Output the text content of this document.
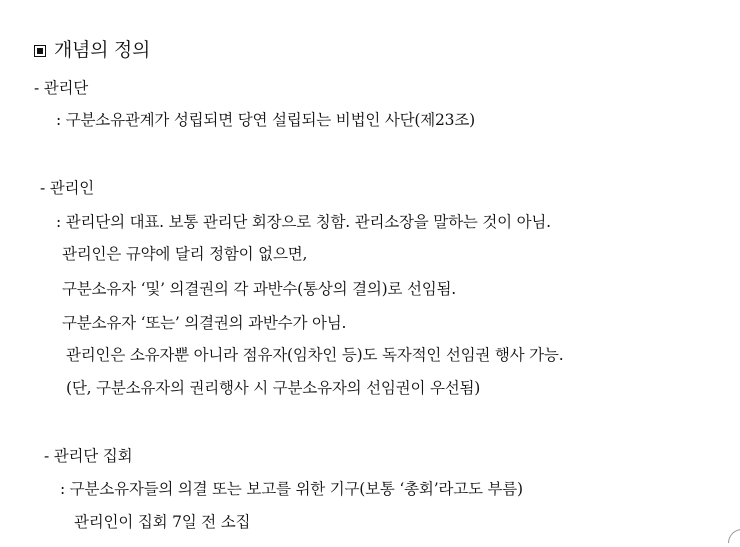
개념의 정의
- 관리단
: 구분소유관계가 성립되면 당연 설립되는 비법인 사단(제23조)
- 관리인
: 관리단의 대표. 보통 관리단 회장으로 칭함. 관리소장을 말하는 것이 아님.
관리인은 규약에 달리 정함이 없으면,
구분소유자 ‘및’ 의결권의 각 과반수(통상의 결의)로 선임됨.
구분소유자 ‘또는’ 의결권의 과반수가 아님.
관리인은 소유자뿐 아니라 점유자(임차인 등)도 독자적인 선임권 행사 가능.
(단, 구분소유자의 권리행사 시 구분소유자의 선임권이 우선됨)
- 관리단 집회
: 구분소유자들의 의결 또는 보고를 위한 기구(보통 ‘총회’라고도 부름)
관리인이 집회 7일 전 소집
